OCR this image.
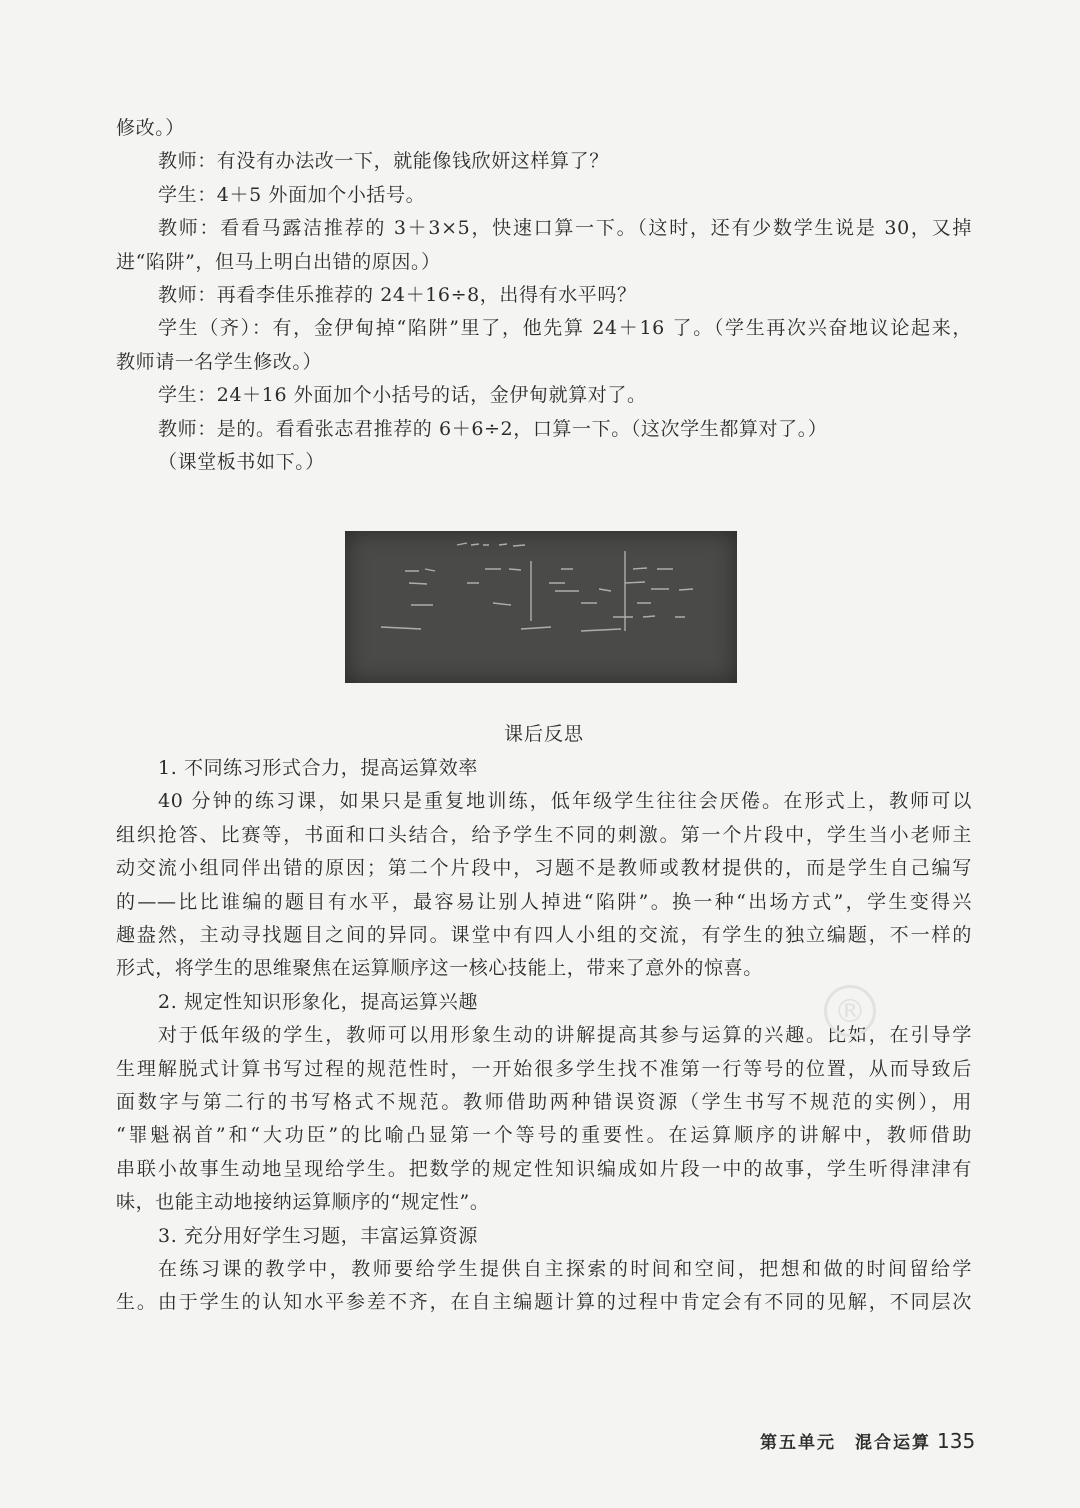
修改。）
教师：有没有办法改一下，就能像钱欣妍这样算了？
学生：4＋5 外面加个小括号。
教师：看看马露洁推荐的 3＋3×5，快速口算一下。（这时，还有少数学生说是 30，又掉
进“陷阱”，但马上明白出错的原因。）
教师：再看李佳乐推荐的 24＋16÷8，出得有水平吗？
学生（齐）：有，金伊甸掉“陷阱”里了，他先算 24＋16 了。（学生再次兴奋地议论起来，
教师请一名学生修改。）
学生：24＋16 外面加个小括号的话，金伊甸就算对了。
教师：是的。看看张志君推荐的 6＋6÷2，口算一下。（这次学生都算对了。）
（课堂板书如下。）
课后反思
1. 不同练习形式合力，提高运算效率
40 分钟的练习课，如果只是重复地训练，低年级学生往往会厌倦。在形式上，教师可以
组织抢答、比赛等，书面和口头结合，给予学生不同的刺激。第一个片段中，学生当小老师主
动交流小组同伴出错的原因；第二个片段中，习题不是教师或教材提供的，而是学生自己编写
的——比比谁编的题目有水平，最容易让别人掉进“陷阱”。换一种“出场方式”，学生变得兴
趣盎然，主动寻找题目之间的异同。课堂中有四人小组的交流，有学生的独立编题，不一样的
形式，将学生的思维聚焦在运算顺序这一核心技能上，带来了意外的惊喜。
2. 规定性知识形象化，提高运算兴趣
对于低年级的学生，教师可以用形象生动的讲解提高其参与运算的兴趣。比如，在引导学
生理解脱式计算书写过程的规范性时，一开始很多学生找不准第一行等号的位置，从而导致后
面数字与第二行的书写格式不规范。教师借助两种错误资源（学生书写不规范的实例），用
“罪魁祸首”和“大功臣”的比喻凸显第一个等号的重要性。在运算顺序的讲解中，教师借助
串联小故事生动地呈现给学生。把数学的规定性知识编成如片段一中的故事，学生听得津津有
味，也能主动地接纳运算顺序的“规定性”。
3. 充分用好学生习题，丰富运算资源
在练习课的教学中，教师要给学生提供自主探索的时间和空间，把想和做的时间留给学
生。由于学生的认知水平参差不齐，在自主编题计算的过程中肯定会有不同的见解，不同层次
®
第五单元　混合运算 135
